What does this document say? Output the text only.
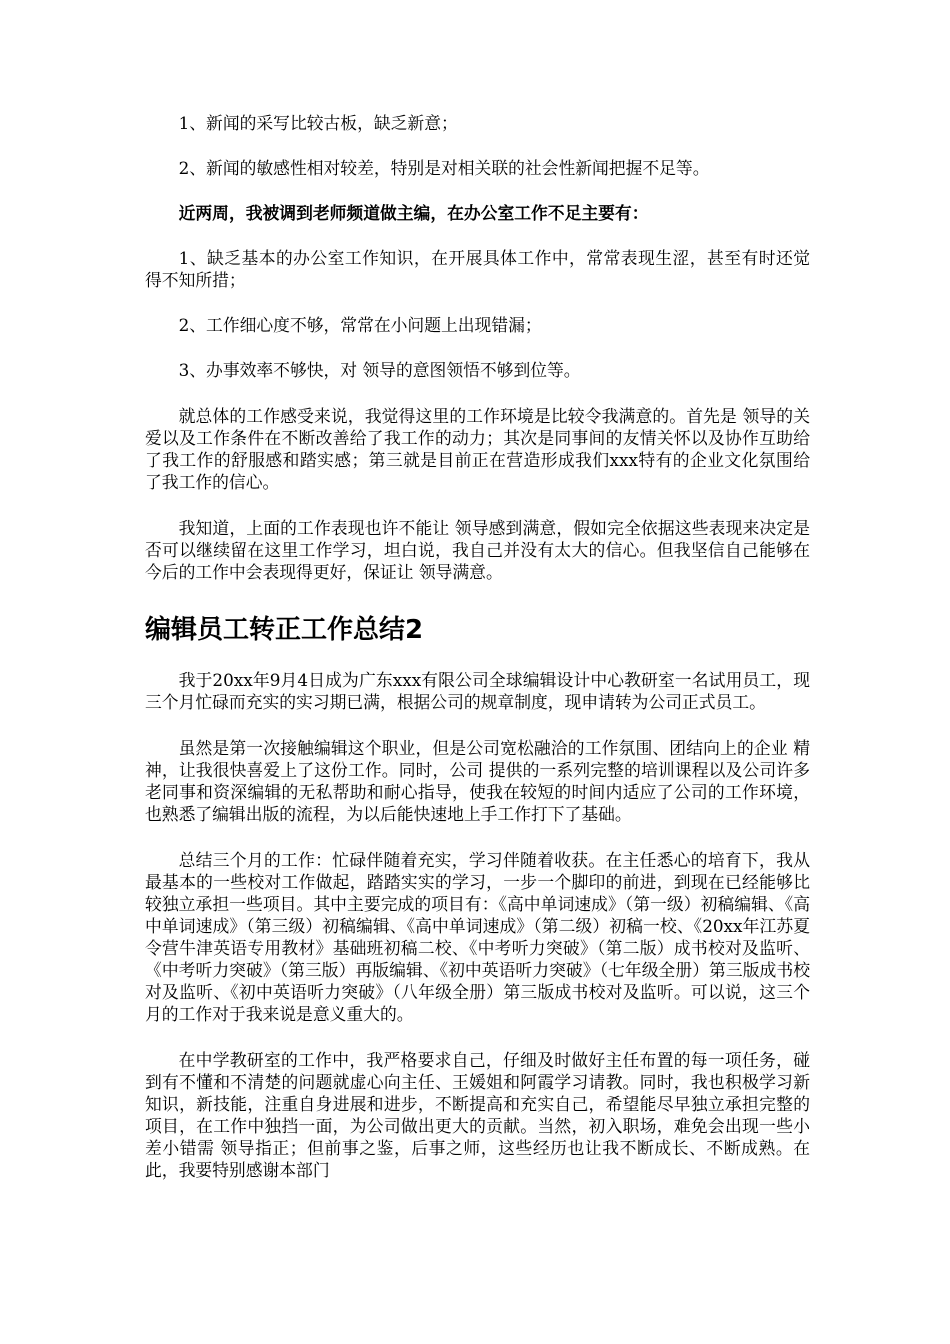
1、新闻的采写比较古板，缺乏新意；

2、新闻的敏感性相对较差，特别是对相关联的社会性新闻把握不足等。

近两周，我被调到老师频道做主编，在办公室工作不足主要有：

1、缺乏基本的办公室工作知识，在开展具体工作中，常常表现生涩，甚至有时还觉得不知所措；

2、工作细心度不够，常常在小问题上出现错漏；

3、办事效率不够快，对 领导的意图领悟不够到位等。

就总体的工作感受来说，我觉得这里的工作环境是比较令我满意的。首先是 领导的关爱以及工作条件在不断改善给了我工作的动力；其次是同事间的友情关怀以及协作互助给了我工作的舒服感和踏实感；第三就是目前正在营造形成我们xxx特有的企业文化氛围给了我工作的信心。

我知道，上面的工作表现也许不能让 领导感到满意，假如完全依据这些表现来决定是否可以继续留在这里工作学习，坦白说，我自己并没有太大的信心。但我坚信自己能够在今后的工作中会表现得更好，保证让 领导满意。

编辑员工转正工作总结2

我于20xx年9月4日成为广东xxx有限公司全球编辑设计中心教研室一名试用员工，现三个月忙碌而充实的实习期已满，根据公司的规章制度，现申请转为公司正式员工。

虽然是第一次接触编辑这个职业，但是公司宽松融洽的工作氛围、团结向上的企业 精神，让我很快喜爱上了这份工作。同时，公司 提供的一系列完整的培训课程以及公司许多老同事和资深编辑的无私帮助和耐心指导，使我在较短的时间内适应了公司的工作环境，也熟悉了编辑出版的流程，为以后能快速地上手工作打下了基础。

总结三个月的工作：忙碌伴随着充实，学习伴随着收获。在主任悉心的培育下，我从最基本的一些校对工作做起，踏踏实实的学习，一步一个脚印的前进，到现在已经能够比较独立承担一些项目。其中主要完成的项目有：《高中单词速成》（第一级）初稿编辑、《高中单词速成》（第三级）初稿编辑、《高中单词速成》（第二级）初稿一校、《20xx年江苏夏令营牛津英语专用教材》基础班初稿二校、《中考听力突破》（第二版）成书校对及监听、《中考听力突破》（第三版）再版编辑、《初中英语听力突破》（七年级全册）第三版成书校对及监听、《初中英语听力突破》（八年级全册）第三版成书校对及监听。可以说，这三个月的工作对于我来说是意义重大的。

在中学教研室的工作中，我严格要求自己，仔细及时做好主任布置的每一项任务，碰到有不懂和不清楚的问题就虚心向主任、王媛姐和阿霞学习请教。同时，我也积极学习新知识，新技能，注重自身进展和进步，不断提高和充实自己，希望能尽早独立承担完整的项目，在工作中独挡一面，为公司做出更大的贡献。当然，初入职场，难免会出现一些小差小错需 领导指正；但前事之鉴，后事之师，这些经历也让我不断成长、不断成熟。在此，我要特别感谢本部门
